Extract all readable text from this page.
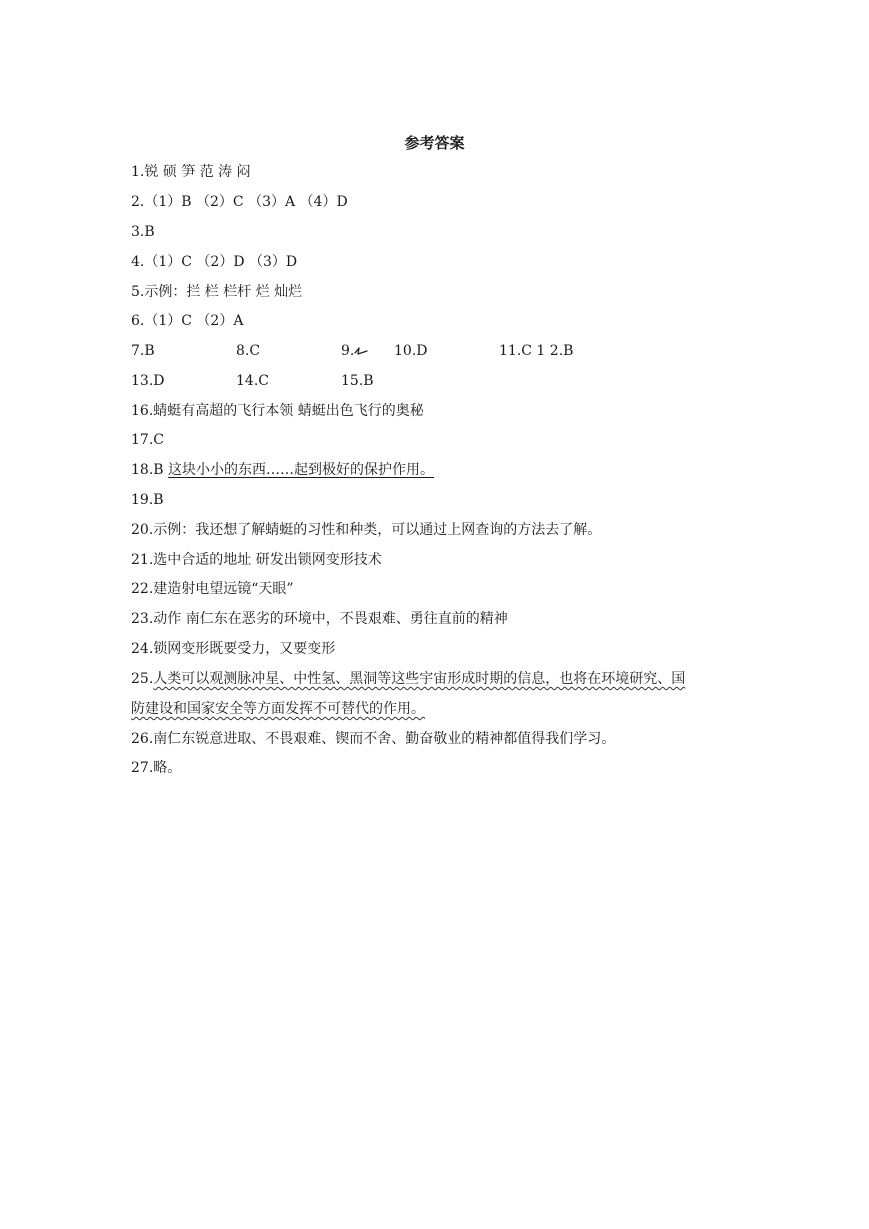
参考答案
1.锐 硕 笋 范 涛 闷
2.（1）B （2）C （3）A （4）D
3.B
4.（1）C （2）D （3）D
5.示例：拦 栏 栏杆 烂 灿烂
6.（1）C （2）A
7.B	8.C	9.	10.D	11.C 1 2.B
13.D	14.C	15.B
16.蜻蜓有高超的飞行本领 蜻蜓出色飞行的奥秘
17.C
18.B 这块小小的东西……起到极好的保护作用。
19.B
20.示例：我还想了解蜻蜓的习性和种类，可以通过上网查询的方法去了解。
21.选中合适的地址 研发出锁网变形技术
22.建造射电望远镜“天眼”
23.动作 南仁东在恶劣的环境中，不畏艰难、勇往直前的精神
24.锁网变形既要受力，又要变形
25.人类可以观测脉冲星、中性氢、黑洞等这些宇宙形成时期的信息，也将在环境研究、国
防建设和国家安全等方面发挥不可替代的作用。
26.南仁东锐意进取、不畏艰难、锲而不舍、勤奋敬业的精神都值得我们学习。
27.略。
